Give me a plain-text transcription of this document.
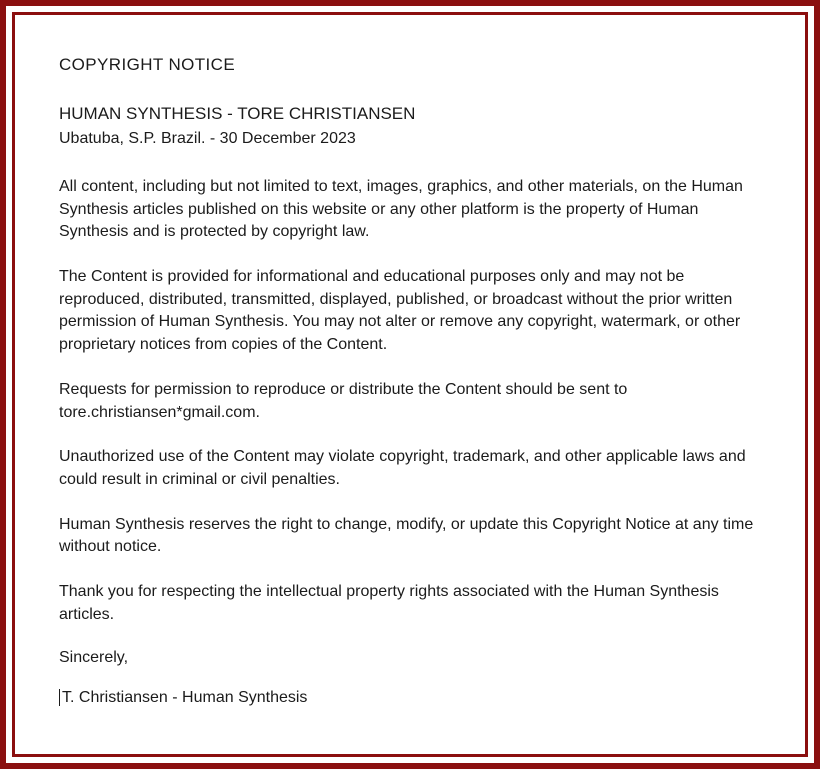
COPYRIGHT NOTICE

HUMAN SYNTHESIS - TORE CHRISTIANSEN

Ubatuba, S.P. Brazil. - 30 December 2023

All content, including but not limited to text, images, graphics, and other materials, on the Human Synthesis articles published on this website or any other platform is the property of Human Synthesis and is protected by copyright law.

The Content is provided for informational and educational purposes only and may not be reproduced, distributed, transmitted, displayed, published, or broadcast without the prior written permission of Human Synthesis. You may not alter or remove any copyright, watermark, or other proprietary notices from copies of the Content.

Requests for permission to reproduce or distribute the Content should be sent to tore.christiansen*gmail.com.

Unauthorized use of the Content may violate copyright, trademark, and other applicable laws and could result in criminal or civil penalties.

Human Synthesis reserves the right to change, modify, or update this Copyright Notice at any time without notice.

Thank you for respecting the intellectual property rights associated with the Human Synthesis articles.

Sincerely,

T. Christiansen - Human Synthesis
